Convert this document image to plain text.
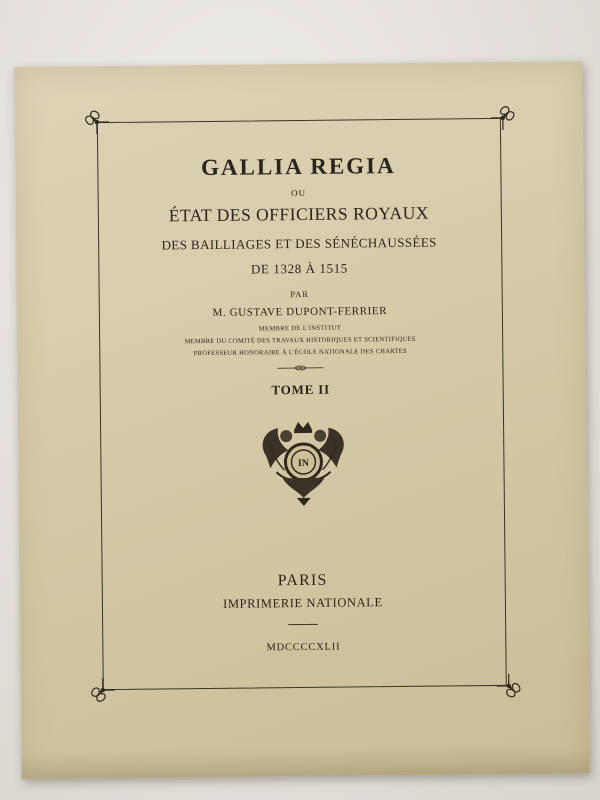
GALLIA REGIA
OU
ÉTAT DES OFFICIERS ROYAUX
DES BAILLIAGES ET DES SÉNÉCHAUSSÉES
DE 1328 À 1515
PAR
M. GUSTAVE DUPONT-FERRIER
MEMBRE DE L'INSTITUT
MEMBRE DU COMITÉ DES TRAVAUX HISTORIQUES ET SCIENTIFIQUES
PROFESSEUR HONORAIRE À L'ÉCOLE NATIONALE DES CHARTES
TOME II
IN
PARIS
IMPRIMERIE NATIONALE
MDCCCCXLII
